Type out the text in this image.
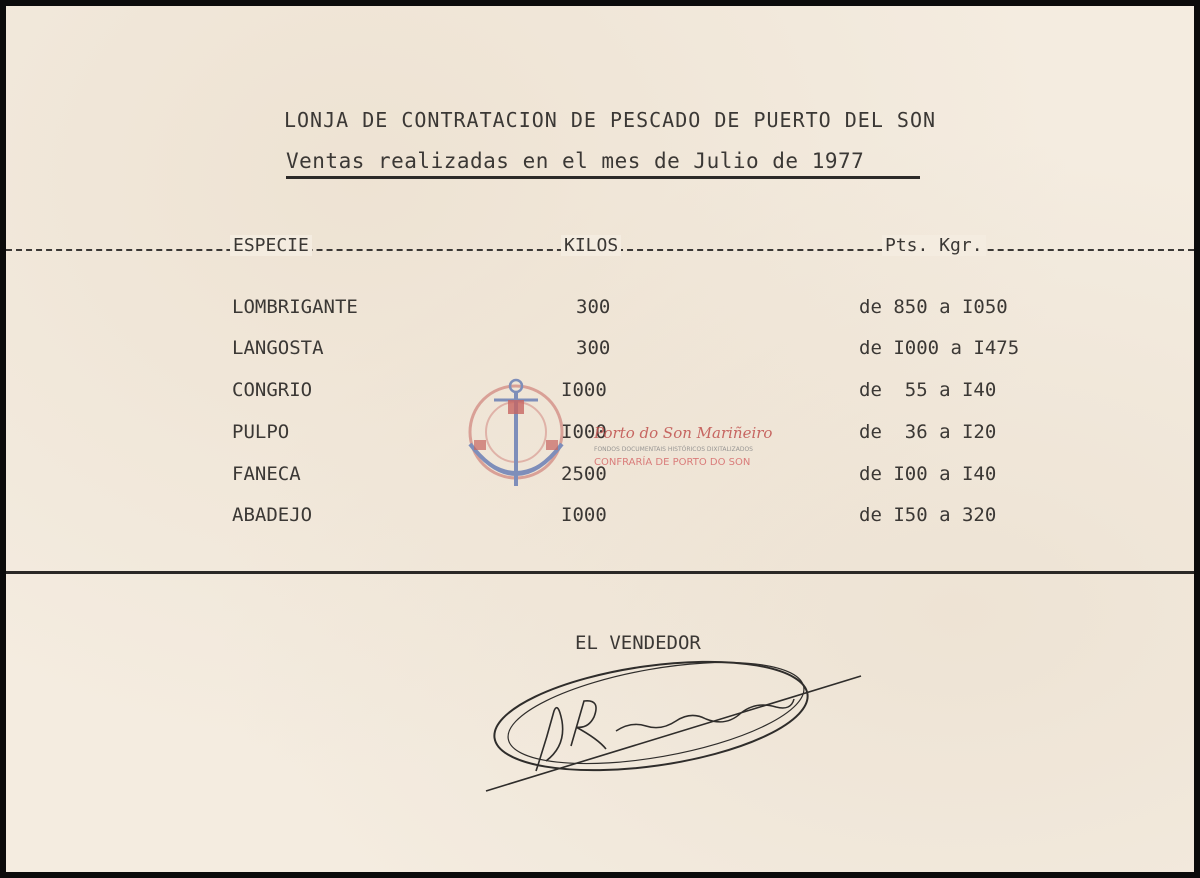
LONJA DE CONTRATACION DE PESCADO DE PUERTO DEL SON
Ventas realizadas en el mes de Julio de 1977
ESPECIE	KILOS	Pts. Kgr.
LOMBRIGANTE	300	de 850 a I050
LANGOSTA	300	de I000 a I475
CONGRIO	I000	de  55 a I40
PULPO	I000	de  36 a I20
FANECA	2500	de I00 a I40
ABADEJO	I000	de I50 a 320
Porto do Son Mariñeiro
FONDOS DOCUMENTAIS HISTÓRICOS DIXITALIZADOS
CONFRARÍA DE PORTO DO SON
EL VENDEDOR
